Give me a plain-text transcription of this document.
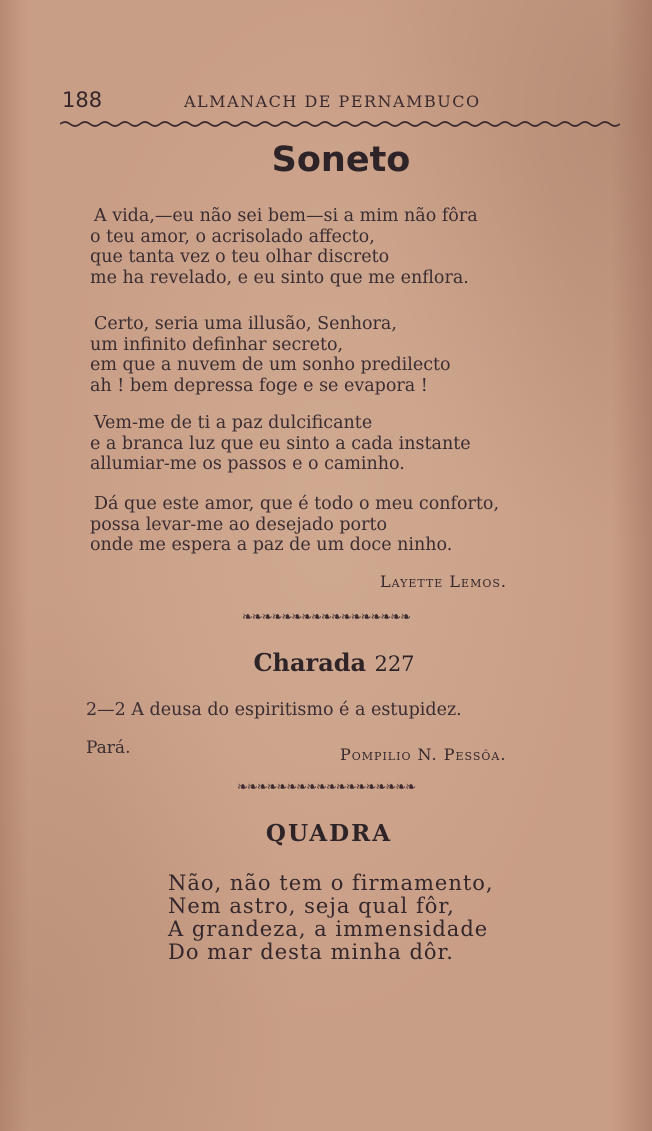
188	ALMANACH DE PERNAMBUCO
Soneto
A vida,—eu não sei bem—si a mim não fôra
o teu amor, o acrisolado affecto,
que tanta vez o teu olhar discreto
me ha revelado, e eu sinto que me enflora.
Certo, seria uma illusão, Senhora,
um infinito definhar secreto,
em que a nuvem de um sonho predilecto
ah ! bem depressa foge e se evapora !
Vem-me de ti a paz dulcificante
e a branca luz que eu sinto a cada instante
allumiar-me os passos e o caminho.
Dá que este amor, que é todo o meu conforto,
possa levar-me ao desejado porto
onde me espera a paz de um doce ninho.
Layette Lemos.
❧❧❧❧❧❧❧❧❧❧❧❧❧❧❧❧❧
Charada 227
2—2 A deusa do espiritismo é a estupidez.
Pará.	Pompilio N. Pessôa.
❧❧❧❧❧❧❧❧❧❧❧❧❧❧❧❧❧❧
QUADRA
Não, não tem o firmamento,
Nem astro, seja qual fôr,
A grandeza, a immensidade
Do mar desta minha dôr.
